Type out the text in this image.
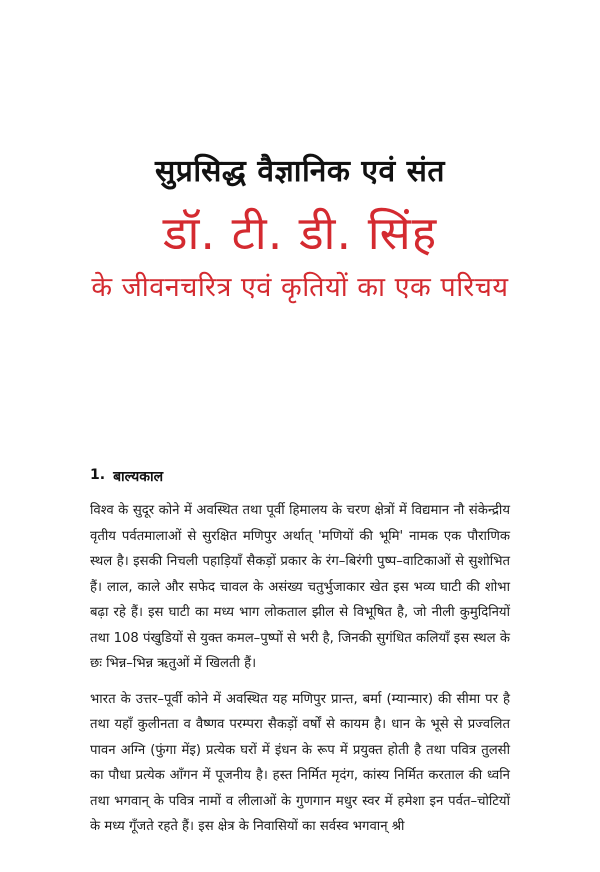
सुप्रसिद्ध वैज्ञानिक एवं संत
डॉ. टी. डी. सिंह
के जीवनचरित्र एवं कृतियों का एक परिचय
1. बाल्यकाल

विश्व के सुदूर कोने में अवस्थित तथा पूर्वी हिमालय के चरण क्षेत्रों में विद्यमान नौ संकेन्द्रीय वृतीय पर्वतमालाओं से सुरक्षित मणिपुर अर्थात् 'मणियों की भूमि' नामक एक पौराणिक स्थल है। इसकी निचली पहाड़ियाँ सैकड़ों प्रकार के रंग–बिरंगी पुष्प–वाटिकाओं से सुशोभित हैं। लाल, काले और सफेद चावल के असंख्य चतुर्भुजाकार खेत इस भव्य घाटी की शोभा बढ़ा रहे हैं। इस घाटी का मध्य भाग लोकताल झील से विभूषित है, जो नीली कुमुदिनियों तथा 108 पंखुडियों से युक्त कमल–पुष्पों से भरी है, जिनकी सुगंधित कलियाँ इस स्थल के छः भिन्न–भिन्न ऋतुओं में खिलती हैं।

भारत के उत्तर–पूर्वी कोने में अवस्थित यह मणिपुर प्रान्त, बर्मा (म्यान्मार) की सीमा पर है तथा यहाँ कुलीनता व वैष्णव परम्परा सैकड़ों वर्षों से कायम है। धान के भूसे से प्रज्वलित पावन अग्नि (फुंगा मेंइ) प्रत्येक घरों में इंधन के रूप में प्रयुक्त होती है तथा पवित्र तुलसी का पौधा प्रत्येक आँगन में पूजनीय है। हस्त निर्मित मृदंग, कांस्य निर्मित करताल की ध्वनि तथा भगवान् के पवित्र नामों व लीलाओं के गुणगान मधुर स्वर में हमेशा इन पर्वत–चोटियों के मध्य गूँजते रहते हैं। इस क्षेत्र के निवासियों का सर्वस्व भगवान् श्री
